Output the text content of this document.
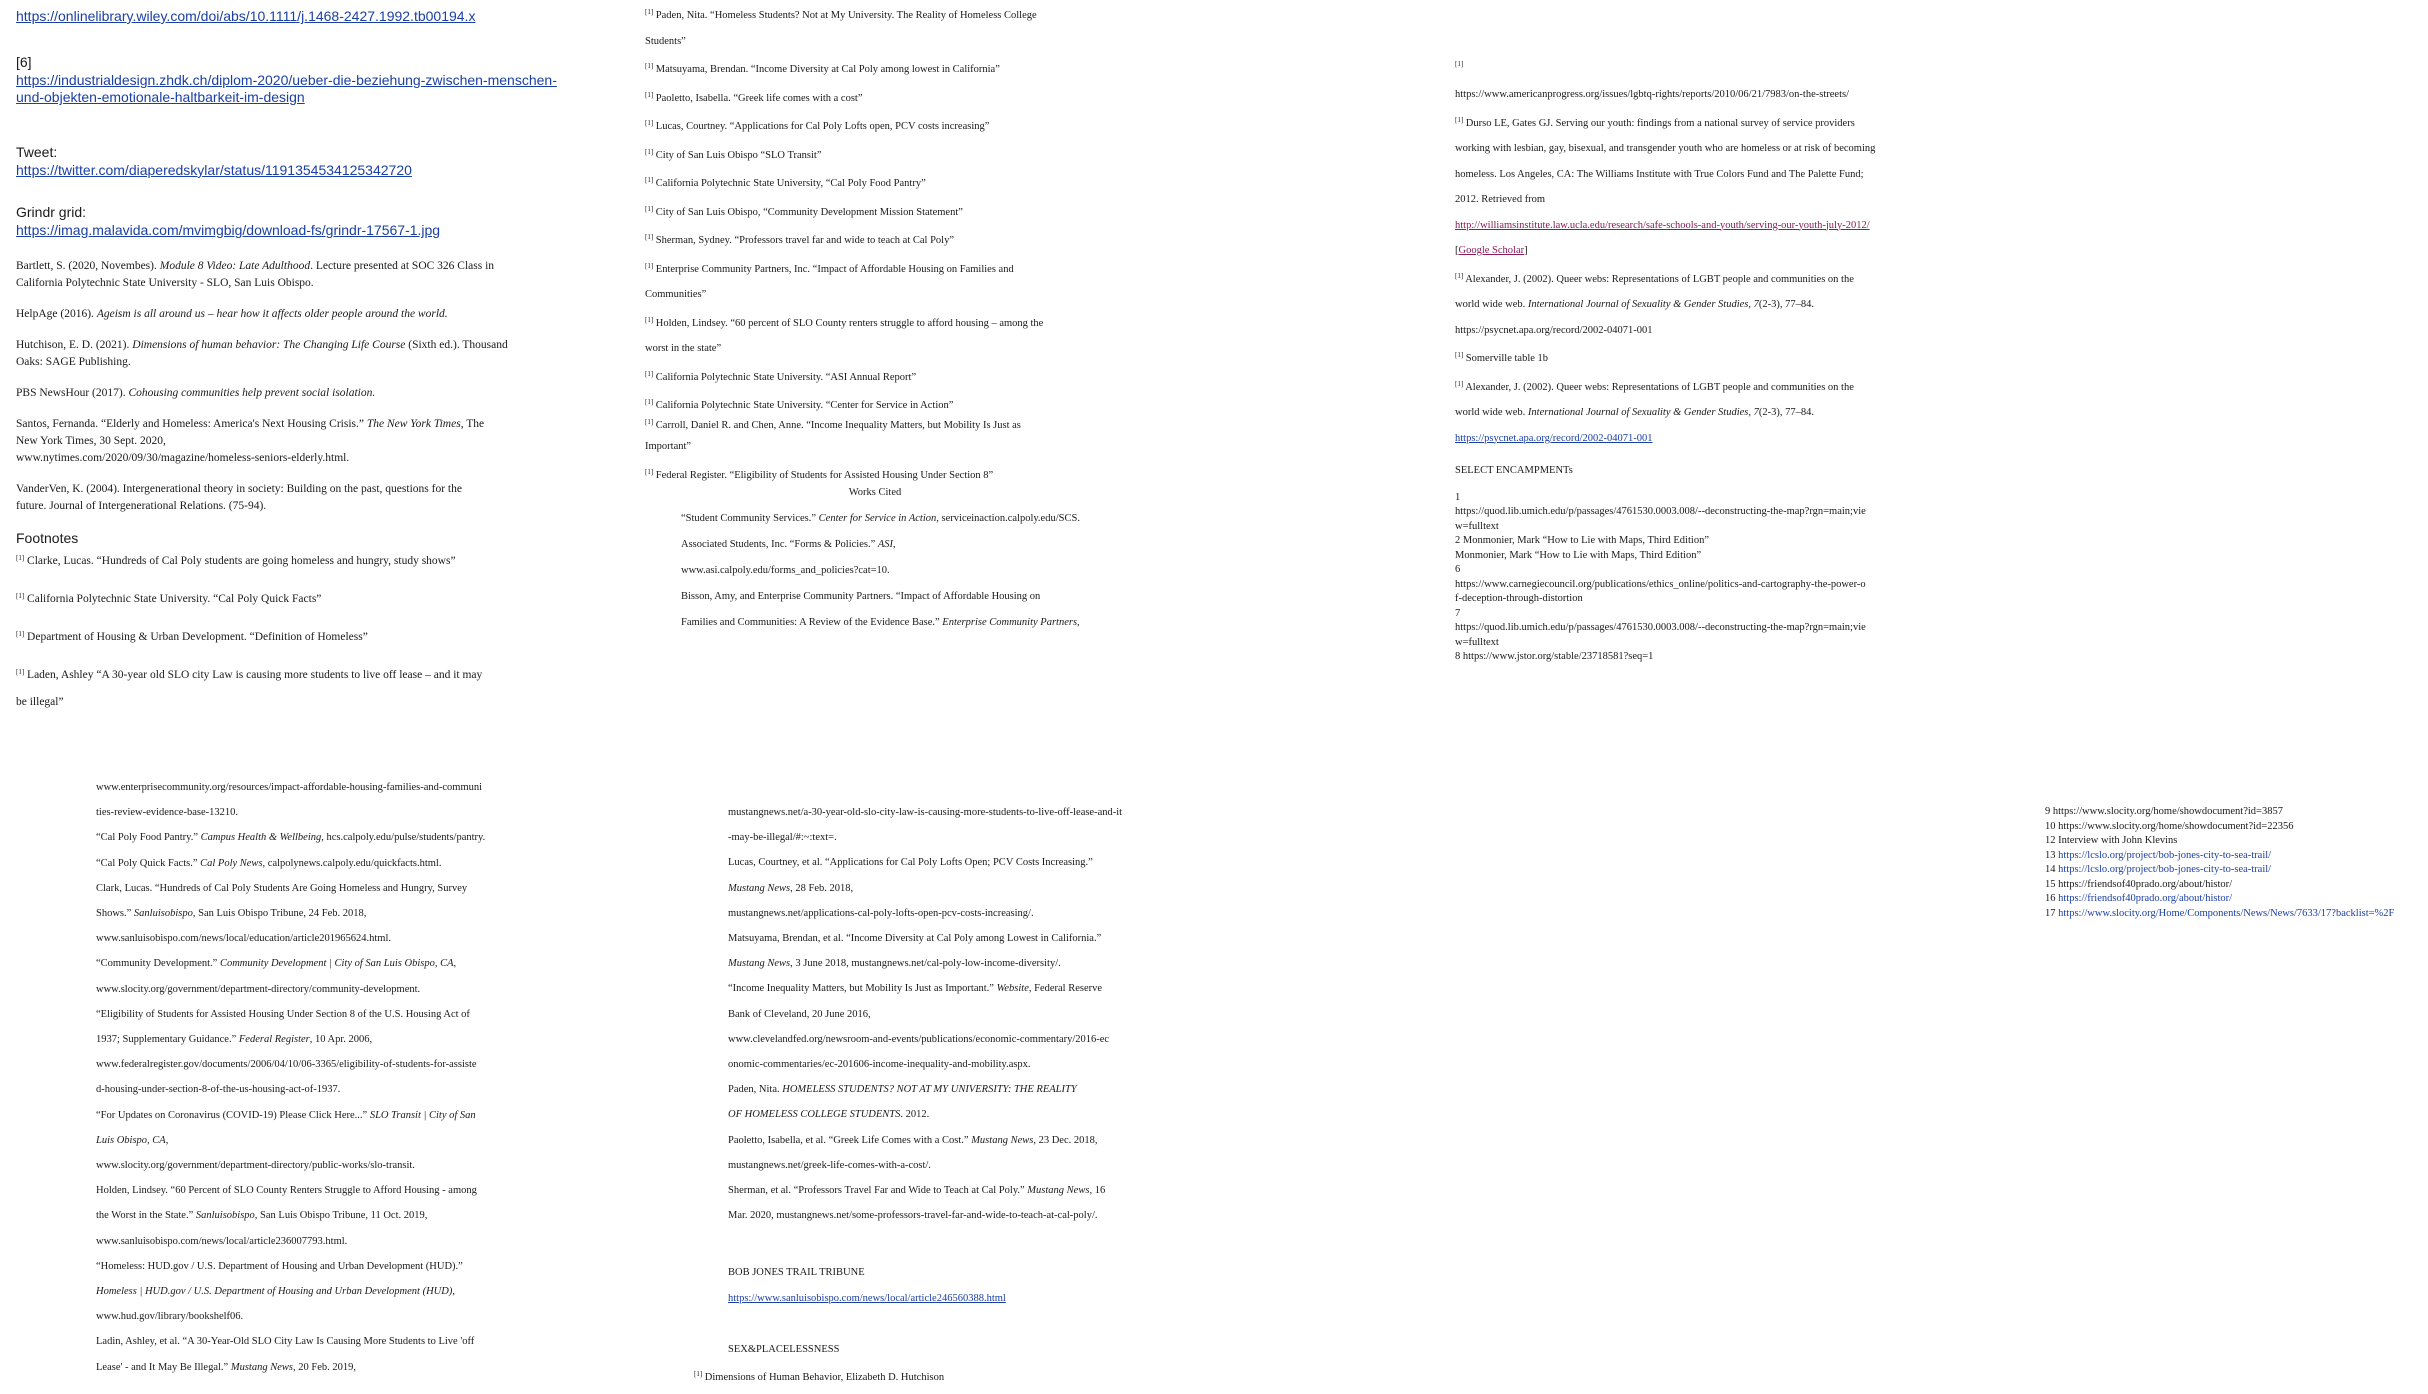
https://onlinelibrary.wiley.com/doi/abs/10.1111/j.1468-2427.1992.tb00194.x
[6]
https://industrialdesign.zhdk.ch/diplom-2020/ueber-die-beziehung-zwischen-menschen-
und-objekten-emotionale-haltbarkeit-im-design
Tweet:
https://twitter.com/diaperedskylar/status/1191354534125342720
Grindr grid:
https://imag.malavida.com/mvimgbig/download-fs/grindr-17567-1.jpg
Bartlett, S. (2020, Novembes). Module 8 Video: Late Adulthood. Lecture presented at SOC 326 Class in
California Polytechnic State University - SLO, San Luis Obispo.
HelpAge (2016). Ageism is all around us – hear how it affects older people around the world.
Hutchison, E. D. (2021). Dimensions of human behavior: The Changing Life Course (Sixth ed.). Thousand
Oaks: SAGE Publishing.
PBS NewsHour (2017). Cohousing communities help prevent social isolation.
Santos, Fernanda. “Elderly and Homeless: America's Next Housing Crisis.” The New York Times, The
New York Times, 30 Sept. 2020,
www.nytimes.com/2020/09/30/magazine/homeless-seniors-elderly.html.
VanderVen, K. (2004). Intergenerational theory in society: Building on the past, questions for the
future. Journal of Intergenerational Relations. (75-94).
Footnotes
[1] Clarke, Lucas. “Hundreds of Cal Poly students are going homeless and hungry, study shows”
[1] California Polytechnic State University. “Cal Poly Quick Facts”
[1] Department of Housing & Urban Development. “Definition of Homeless”
[1] Laden, Ashley “A 30-year old SLO city Law is causing more students to live off lease – and it may
be illegal”
[1] Paden, Nita. “Homeless Students? Not at My University. The Reality of Homeless College
Students”
[1] Matsuyama, Brendan. “Income Diversity at Cal Poly among lowest in California”
[1] Paoletto, Isabella. “Greek life comes with a cost”
[1] Lucas, Courtney. “Applications for Cal Poly Lofts open, PCV costs increasing”
[1] City of San Luis Obispo “SLO Transit”
[1] California Polytechnic State University, “Cal Poly Food Pantry”
[1] City of San Luis Obispo, “Community Development Mission Statement”
[1] Sherman, Sydney. “Professors travel far and wide to teach at Cal Poly”
[1] Enterprise Community Partners, Inc. “Impact of Affordable Housing on Families and
Communities”
[1] Holden, Lindsey. “60 percent of SLO County renters struggle to afford housing – among the
worst in the state”
[1] California Polytechnic State University. “ASI Annual Report”
[1] California Polytechnic State University. “Center for Service in Action”
[1] Carroll, Daniel R. and Chen, Anne. “Income Inequality Matters, but Mobility Is Just as
Important”
[1] Federal Register. “Eligibility of Students for Assisted Housing Under Section 8”
Works Cited
“Student Community Services.” Center for Service in Action, serviceinaction.calpoly.edu/SCS.
Associated Students, Inc. “Forms & Policies.” ASI,
www.asi.calpoly.edu/forms_and_policies?cat=10.
Bisson, Amy, and Enterprise Community Partners. “Impact of Affordable Housing on
Families and Communities: A Review of the Evidence Base.” Enterprise Community Partners,
[1]
https://www.americanprogress.org/issues/lgbtq-rights/reports/2010/06/21/7983/on-the-streets/
[1] Durso LE, Gates GJ. Serving our youth: findings from a national survey of service providers
working with lesbian, gay, bisexual, and transgender youth who are homeless or at risk of becoming
homeless. Los Angeles, CA: The Williams Institute with True Colors Fund and The Palette Fund;
2012. Retrieved from
http://williamsinstitute.law.ucla.edu/research/safe-schools-and-youth/serving-our-youth-july-2012/
[Google Scholar]
[1] Alexander, J. (2002). Queer webs: Representations of LGBT people and communities on the
world wide web. International Journal of Sexuality & Gender Studies, 7(2-3), 77–84.
https://psycnet.apa.org/record/2002-04071-001
[1] Somerville table 1b
[1] Alexander, J. (2002). Queer webs: Representations of LGBT people and communities on the
world wide web. International Journal of Sexuality & Gender Studies, 7(2-3), 77–84.
https://psycnet.apa.org/record/2002-04071-001
SELECT ENCAMPMENTs
1
https://quod.lib.umich.edu/p/passages/4761530.0003.008/--deconstructing-the-map?rgn=main;vie
w=fulltext
2 Monmonier, Mark “How to Lie with Maps, Third Edition”
Monmonier, Mark “How to Lie with Maps, Third Edition”
6
https://www.carnegiecouncil.org/publications/ethics_online/politics-and-cartography-the-power-o
f-deception-through-distortion
7
https://quod.lib.umich.edu/p/passages/4761530.0003.008/--deconstructing-the-map?rgn=main;vie
w=fulltext
8 https://www.jstor.org/stable/23718581?seq=1
www.enterprisecommunity.org/resources/impact-affordable-housing-families-and-communi
ties-review-evidence-base-13210.
“Cal Poly Food Pantry.” Campus Health & Wellbeing, hcs.calpoly.edu/pulse/students/pantry.
“Cal Poly Quick Facts.” Cal Poly News, calpolynews.calpoly.edu/quickfacts.html.
Clark, Lucas. “Hundreds of Cal Poly Students Are Going Homeless and Hungry, Survey
Shows.” Sanluisobispo, San Luis Obispo Tribune, 24 Feb. 2018,
www.sanluisobispo.com/news/local/education/article201965624.html.
“Community Development.” Community Development | City of San Luis Obispo, CA,
www.slocity.org/government/department-directory/community-development.
“Eligibility of Students for Assisted Housing Under Section 8 of the U.S. Housing Act of
1937; Supplementary Guidance.” Federal Register, 10 Apr. 2006,
www.federalregister.gov/documents/2006/04/10/06-3365/eligibility-of-students-for-assiste
d-housing-under-section-8-of-the-us-housing-act-of-1937.
“For Updates on Coronavirus (COVID-19) Please Click Here...” SLO Transit | City of San
Luis Obispo, CA,
www.slocity.org/government/department-directory/public-works/slo-transit.
Holden, Lindsey. “60 Percent of SLO County Renters Struggle to Afford Housing - among
the Worst in the State.” Sanluisobispo, San Luis Obispo Tribune, 11 Oct. 2019,
www.sanluisobispo.com/news/local/article236007793.html.
“Homeless: HUD.gov / U.S. Department of Housing and Urban Development (HUD).”
Homeless | HUD.gov / U.S. Department of Housing and Urban Development (HUD),
www.hud.gov/library/bookshelf06.
Ladin, Ashley, et al. “A 30-Year-Old SLO City Law Is Causing More Students to Live 'off
Lease' - and It May Be Illegal.” Mustang News, 20 Feb. 2019,
mustangnews.net/a-30-year-old-slo-city-law-is-causing-more-students-to-live-off-lease-and-it
-may-be-illegal/#:~:text=.
Lucas, Courtney, et al. “Applications for Cal Poly Lofts Open; PCV Costs Increasing.”
Mustang News, 28 Feb. 2018,
mustangnews.net/applications-cal-poly-lofts-open-pcv-costs-increasing/.
Matsuyama, Brendan, et al. “Income Diversity at Cal Poly among Lowest in California.”
Mustang News, 3 June 2018, mustangnews.net/cal-poly-low-income-diversity/.
“Income Inequality Matters, but Mobility Is Just as Important.” Website, Federal Reserve
Bank of Cleveland, 20 June 2016,
www.clevelandfed.org/newsroom-and-events/publications/economic-commentary/2016-ec
onomic-commentaries/ec-201606-income-inequality-and-mobility.aspx.
Paden, Nita. HOMELESS STUDENTS? NOT AT MY UNIVERSITY: THE REALITY
OF HOMELESS COLLEGE STUDENTS. 2012.
Paoletto, Isabella, et al. “Greek Life Comes with a Cost.” Mustang News, 23 Dec. 2018,
mustangnews.net/greek-life-comes-with-a-cost/.
Sherman, et al. “Professors Travel Far and Wide to Teach at Cal Poly.” Mustang News, 16
Mar. 2020, mustangnews.net/some-professors-travel-far-and-wide-to-teach-at-cal-poly/.
BOB JONES TRAIL TRIBUNE
https://www.sanluisobispo.com/news/local/article246560388.html
SEX&PLACELESSNESS
[1] Dimensions of Human Behavior, Elizabeth D. Hutchison
9 https://www.slocity.org/home/showdocument?id=3857
10 https://www.slocity.org/home/showdocument?id=22356
12 Interview with John Klevins
13 https://lcslo.org/project/bob-jones-city-to-sea-trail/
14 https://lcslo.org/project/bob-jones-city-to-sea-trail/
15 https://friendsof40prado.org/about/histor/
16 https://friendsof40prado.org/about/histor/
17 https://www.slocity.org/Home/Components/News/News/7633/17?backlist=%2F
